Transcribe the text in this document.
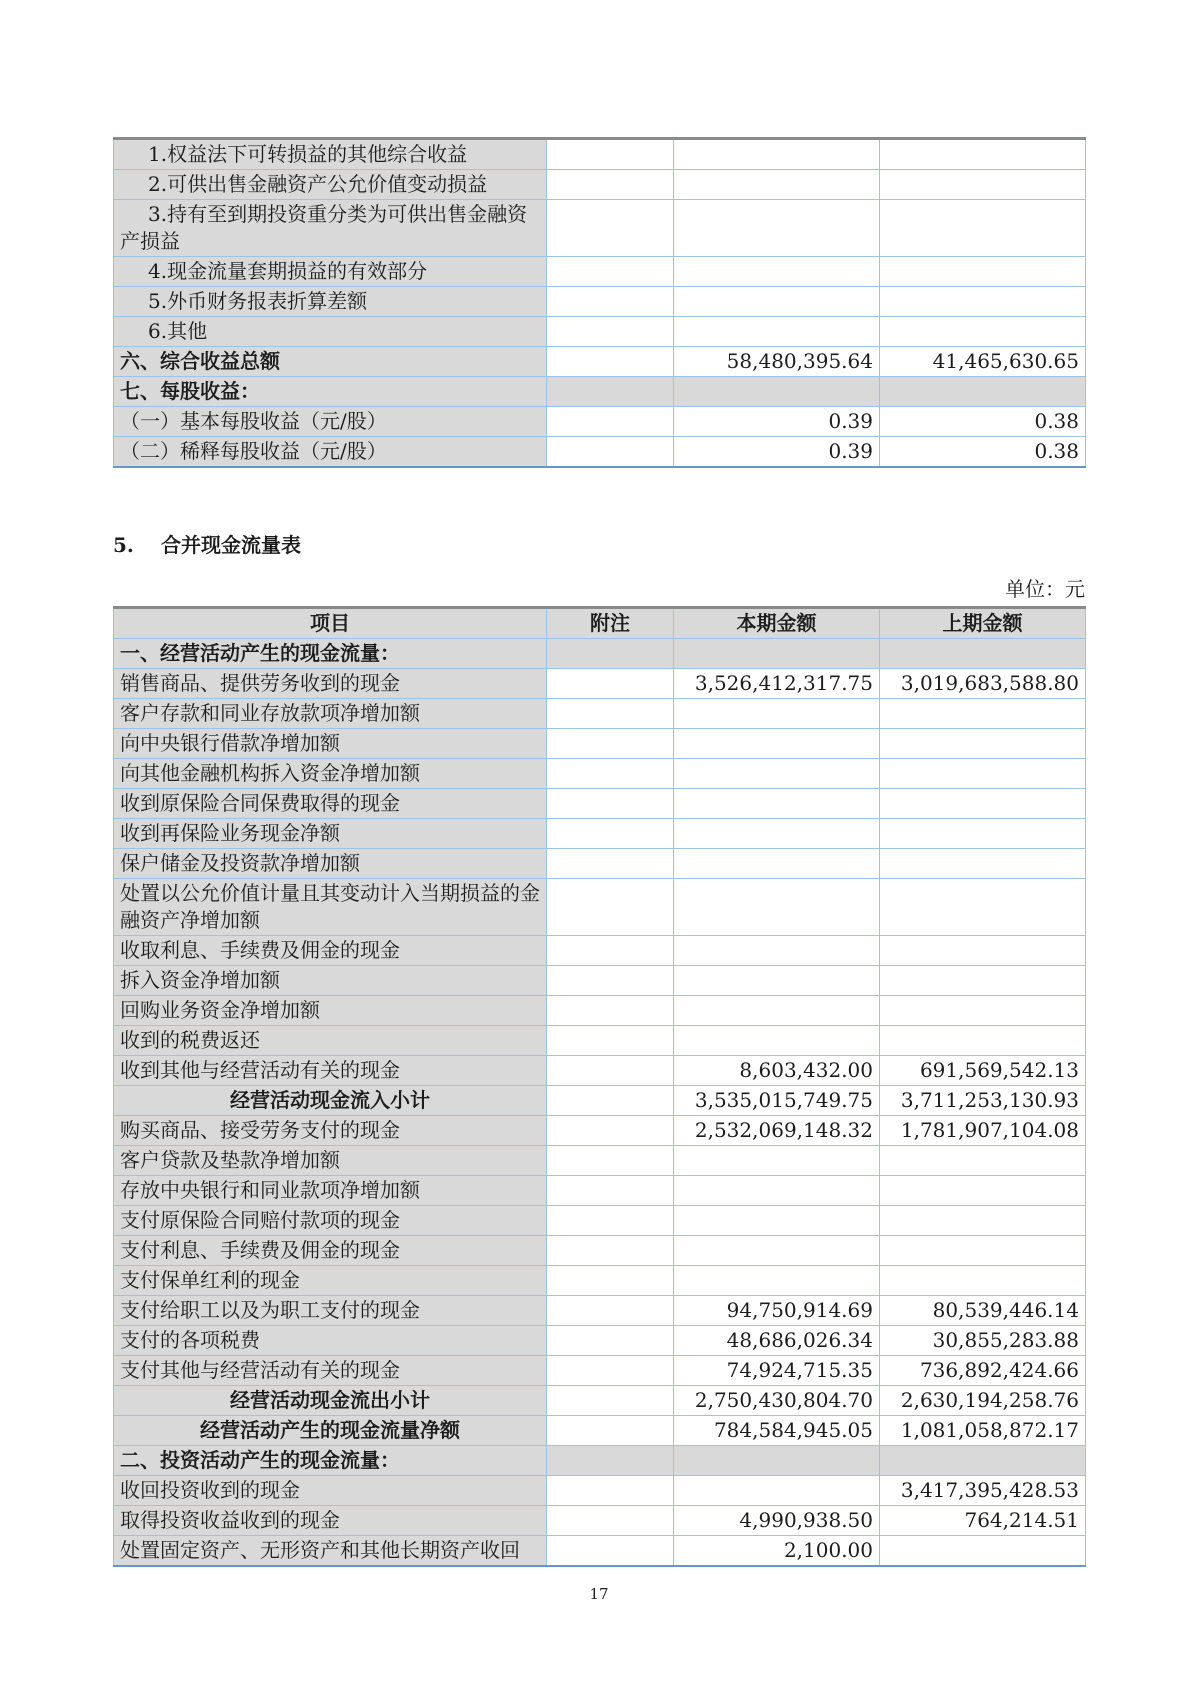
1.权益法下可转损益的其他综合收益			
2.可供出售金融资产公允价值变动损益			
3.持有至到期投资重分类为可供出售金融资产损益			
4.现金流量套期损益的有效部分			
5.外币财务报表折算差额			
6.其他			
六、综合收益总额		58,480,395.64	41,465,630.65
七、每股收益：			
（一）基本每股收益（元/股）		0.39	0.38
（二）稀释每股收益（元/股）		0.39	0.38
5.	合并现金流量表
单位：元
项目	附注	本期金额	上期金额
一、经营活动产生的现金流量：			
销售商品、提供劳务收到的现金		3,526,412,317.75	3,019,683,588.80
客户存款和同业存放款项净增加额			
向中央银行借款净增加额			
向其他金融机构拆入资金净增加额			
收到原保险合同保费取得的现金			
收到再保险业务现金净额			
保户储金及投资款净增加额			
处置以公允价值计量且其变动计入当期损益的金融资产净增加额			
收取利息、手续费及佣金的现金			
拆入资金净增加额			
回购业务资金净增加额			
收到的税费返还			
收到其他与经营活动有关的现金		8,603,432.00	691,569,542.13
经营活动现金流入小计		3,535,015,749.75	3,711,253,130.93
购买商品、接受劳务支付的现金		2,532,069,148.32	1,781,907,104.08
客户贷款及垫款净增加额			
存放中央银行和同业款项净增加额			
支付原保险合同赔付款项的现金			
支付利息、手续费及佣金的现金			
支付保单红利的现金			
支付给职工以及为职工支付的现金		94,750,914.69	80,539,446.14
支付的各项税费		48,686,026.34	30,855,283.88
支付其他与经营活动有关的现金		74,924,715.35	736,892,424.66
经营活动现金流出小计		2,750,430,804.70	2,630,194,258.76
经营活动产生的现金流量净额		784,584,945.05	1,081,058,872.17
二、投资活动产生的现金流量：			
收回投资收到的现金			3,417,395,428.53
取得投资收益收到的现金		4,990,938.50	764,214.51
处置固定资产、无形资产和其他长期资产收回		2,100.00	
17
